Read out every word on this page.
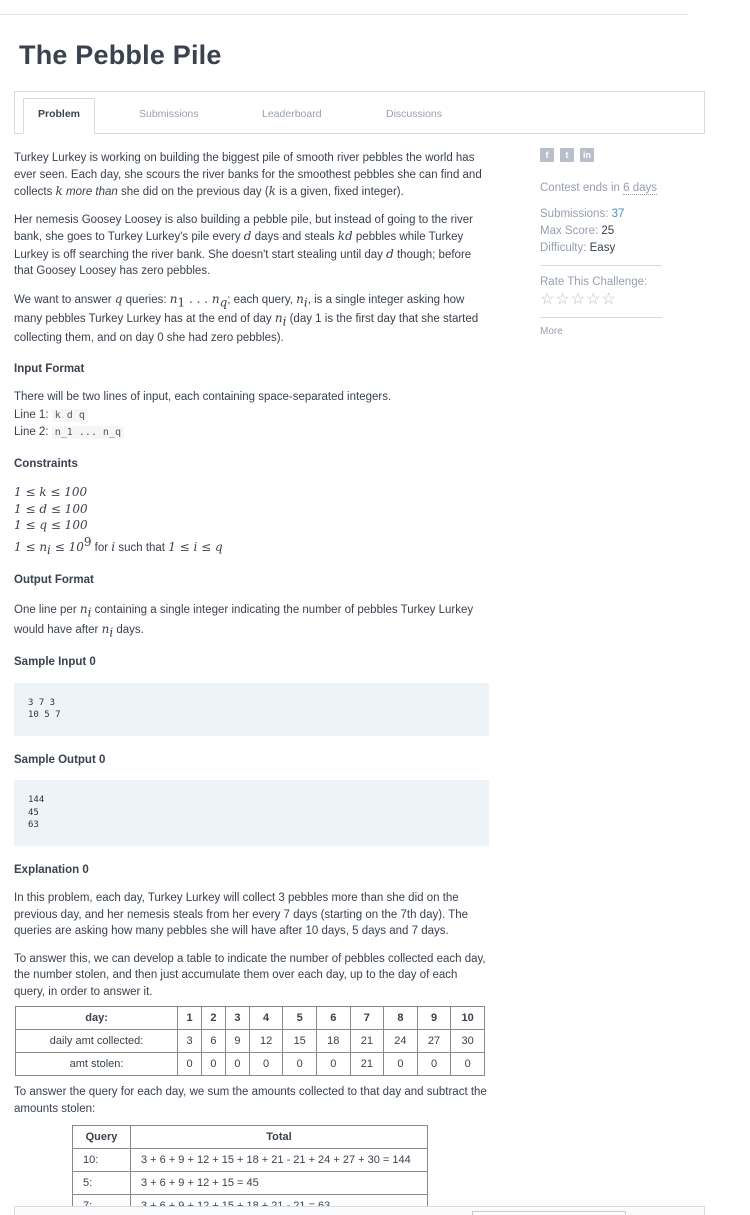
The Pebble Pile
Problem	Submissions	Leaderboard	Discussions

Turkey Lurkey is working on building the biggest pile of smooth river pebbles the world has ever seen. Each day, she scours the river banks for the smoothest pebbles she can find and collects k more than she did on the previous day (k is a given, fixed integer).

Her nemesis Goosey Loosey is also building a pebble pile, but instead of going to the river bank, she goes to Turkey Lurkey's pile every d days and steals kd pebbles while Turkey Lurkey is off searching the river bank. She doesn't start stealing until day d though; before that Goosey Loosey has zero pebbles.

We want to answer q queries: $n_1$ . . . $n_q$; each query, $n_i$, is a single integer asking how many pebbles Turkey Lurkey has at the end of day $n_i$ (day 1 is the first day that she started collecting them, and on day 0 she had zero pebbles).

Input Format
There will be two lines of input, each containing space-separated integers.
Line 1: k d q
Line 2: n_1 ... n_q
Constraints
1 ≤ k ≤ 100
1 ≤ d ≤ 100
1 ≤ q ≤ 100
$1 \le n_i \le 10^9$ for i such that 1 ≤ i ≤ q
Output Format

One line per $n_i$ containing a single integer indicating the number of pebbles Turkey Lurkey would have after $n_i$ days.

Sample Input 0
3 7 3
10 5 7
Sample Output 0
144
45
63
Explanation 0

In this problem, each day, Turkey Lurkey will collect 3 pebbles more than she did on the previous day, and her nemesis steals from her every 7 days (starting on the 7th day). The queries are asking how many pebbles she will have after 10 days, 5 days and 7 days.

To answer this, we can develop a table to indicate the number of pebbles collected each day, the number stolen, and then just accumulate them over each day, up to the day of each query, in order to answer it.

day:	1	2	3	4	5	6	7	8	9	10
daily amt collected:	3	6	9	12	15	18	21	24	27	30
amt stolen:	0	0	0	0	0	0	21	0	0	0

To answer the query for each day, we sum the amounts collected to that day and subtract the amounts stolen:

Query	Total
10:	3 + 6 + 9 + 12 + 15 + 18 + 21 - 21 + 24 + 27 + 30 = 144
5:	3 + 6 + 9 + 12 + 15 = 45

f	t	in
Contest ends in 6 days
Submissions: 37
Max Score: 25
Difficulty: Easy
Rate This Challenge:
☆☆☆☆☆
More
